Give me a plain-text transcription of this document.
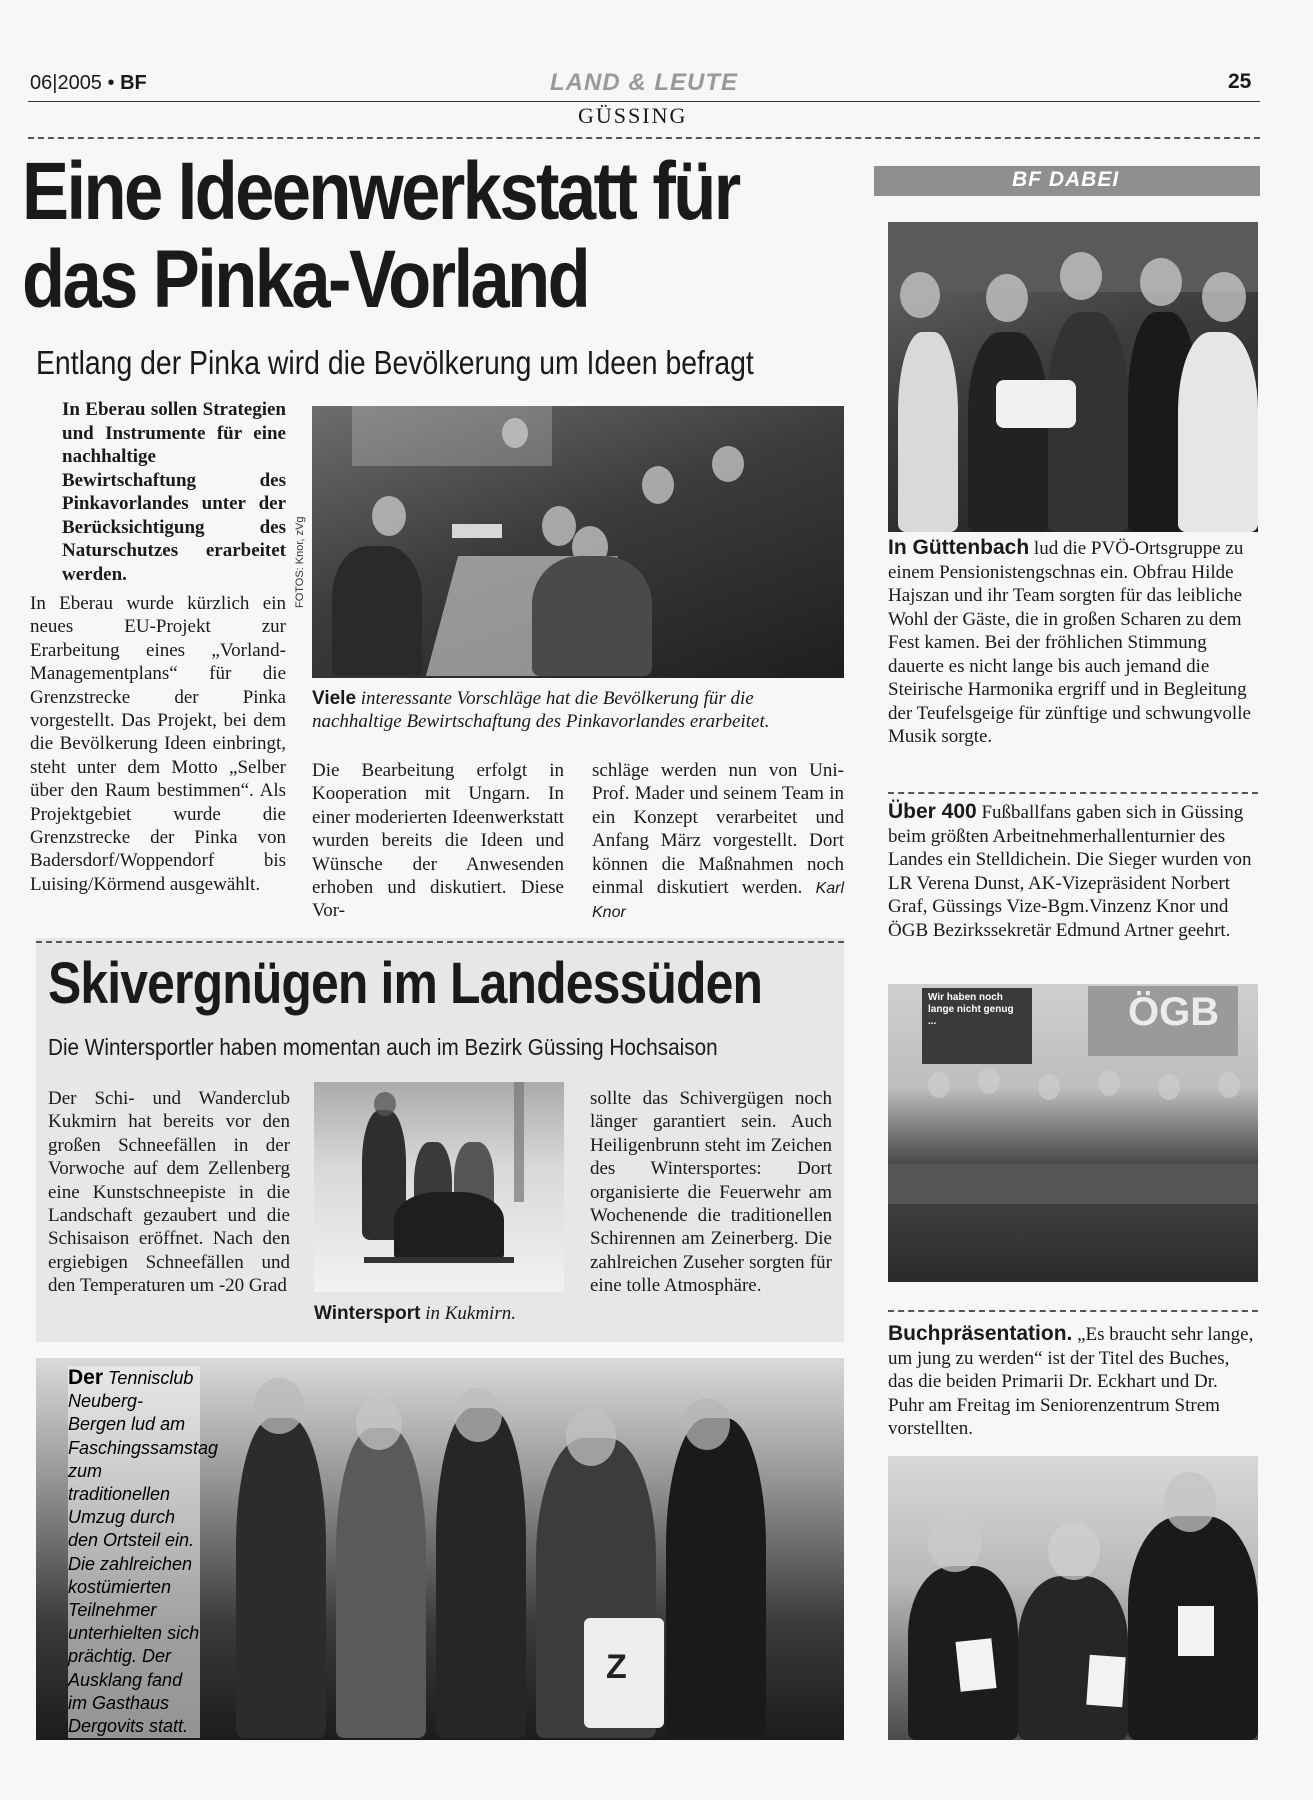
06|2005 • BF	LAND & LEUTE	25
GÜSSING
Eine Ideenwerkstatt für
das Pinka-Vorland
Entlang der Pinka wird die Bevölkerung um Ideen befragt
In Eberau sollen Strategien und Instrumente für eine nachhaltige Bewirtschaftung des Pinkavorlandes unter der Berücksichtigung des Naturschutzes erarbeitet werden.
In Eberau wurde kürzlich ein neues EU-Projekt zur Erarbeitung eines „Vorland-Managementplans“ für die Grenzstrecke der Pinka vorgestellt. Das Projekt, bei dem die Bevölkerung Ideen einbringt, steht unter dem Motto „Selber über den Raum bestimmen“. Als Projektgebiet wurde die Grenzstrecke der Pinka von Badersdorf/Woppendorf bis Luising/Körmend ausgewählt.
FOTOS: Knor, zVg
Viele interessante Vorschläge hat die Bevölkerung für die nachhaltige Bewirtschaftung des Pinkavorlandes erarbeitet.
Die Bearbeitung erfolgt in Kooperation mit Ungarn. In einer moderierten Ideenwerkstatt wurden bereits die Ideen und Wünsche der Anwesenden erhoben und diskutiert. Diese Vor-
schläge werden nun von Uni-Prof. Mader und seinem Team in ein Konzept verarbeitet und Anfang März vorgestellt. Dort können die Maßnahmen noch einmal diskutiert werden. Karl Knor
Skivergnügen im Landessüden
Die Wintersportler haben momentan auch im Bezirk Güssing Hochsaison
Der Schi- und Wanderclub Kukmirn hat bereits vor den großen Schneefällen in der Vorwoche auf dem Zellenberg eine Kunstschneepiste in die Landschaft gezaubert und die Schisaison eröffnet. Nach den ergiebigen Schneefällen und den Temperaturen um -20 Grad
Wintersport in Kukmirn.
sollte das Schivergügen noch länger garantiert sein. Auch Heiligenbrunn steht im Zeichen des Wintersportes: Dort organisierte die Feuerwehr am Wochenende die traditionellen Schirennen am Zeinerberg. Die zahlreichen Zuseher sorgten für eine tolle Atmosphäre.
Z
Der Tennisclub Neuberg-Bergen lud am Faschingssamstag zum traditionellen Umzug durch den Ortsteil ein. Die zahlreichen kostümierten Teilnehmer unterhielten sich prächtig. Der Ausklang fand im Gasthaus Dergovits statt.
BF DABEI
In Güttenbach lud die PVÖ-Ortsgruppe zu einem Pensionistengschnas ein. Obfrau Hilde Hajszan und ihr Team sorgten für das leibliche Wohl der Gäste, die in großen Scharen zu dem Fest kamen. Bei der fröhlichen Stimmung dauerte es nicht lange bis auch jemand die Steirische Harmonika ergriff und in Begleitung der Teufelsgeige für zünftige und schwungvolle Musik sorgte.
Über 400 Fußballfans gaben sich in Güssing beim größten Arbeitnehmerhallenturnier des Landes ein Stelldichein. Die Sieger wurden von LR Verena Dunst, AK-Vizepräsident Norbert Graf, Güssings Vize-Bgm.Vinzenz Knor und ÖGB Bezirkssekretär Edmund Artner geehrt.
Wir haben noch lange nicht genug ...	ÖGB
Buchpräsentation. „Es braucht sehr lange, um jung zu werden“ ist der Titel des Buches, das die beiden Primarii Dr. Eckhart und Dr. Puhr am Freitag im Seniorenzentrum Strem vorstellten.
